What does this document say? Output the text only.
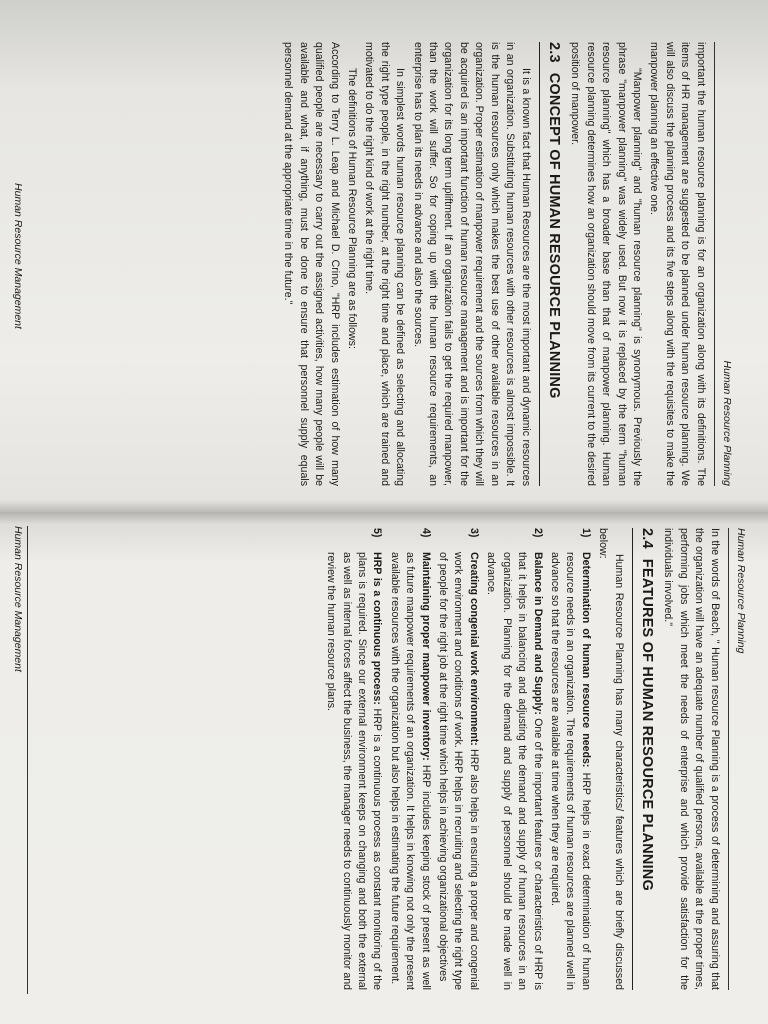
Human Resource Planning

important the human resource planning is for an organization along with its definitions. The items of HR management are suggested to be planned under human resource planning. We will also discuss the planning process and its five steps along with the requisites to make the manpower planning an effective one.

"Manpower planning" and "human resource planning" is synonymous. Previously the phrase "manpower planning" was widely used. But now it is replaced by the term "human resource planning" which has a broader base than that of manpower planning. Human resource planning determines how an organization should move from its current to the desired position of manpower.

2.3CONCEPT OF HUMAN RESOURCE PLANNING

It is a known fact that Human Resources are the most important and dynamic resources in an organization. Substituting human resources with other resources is almost impossible. It is the human resources only which makes the best use of other available resources in an organization. Proper estimation of manpower requirement and the sources from which they will be acquired is an important function of human resource management and is important for the organization for its long term upliftment. If an organization fails to get the required manpower, than the work will suffer. So for coping up with the human resource requirements, an enterprise has to plan its needs in advance and also the sources.

In simplest words human resource planning can be defined as selecting and allocating the right type people, in the right number, at the right time and place, which are trained and motivated to do the right kind of work at the right time.

The definitions of Human Resource Planning are as follows:

According to Terry L. Leap and Michael D. Crino, "HRP includes estimation of how many qualified people are necessary to carry out the assigned activities, how many people will be available and what, if anything, must be done to ensure that personnel supply equals personnel demand at the appropriate time in the future."

Human Resource Management
Human Resource Planning

In the words of Beach, " Human resource Planning is a process of determining and assuring that the organization will have an adequate number of qualified persons, available at the proper times, performing jobs which meet the needs of enterprise and which provide satisfaction for the individuals involved."

2.4FEATURES OF HUMAN RESOURCE PLANNING

Human Resource Planning has many characteristics/ features which are briefly discussed below:

1)
Determination of human resource needs: HRP helps in exact determination of human resource needs in an organization. The requirements of human resources are planned well in advance so that the resources are available at time when they are required.
2)
Balance in Demand and Supply: One of the important features or characteristics of HRP is that it helps in balancing and adjusting the demand and supply of human resources in an organization. Planning for the demand and supply of personnel should be made well in advance.
3)
Creating congenial work environment: HRP also helps in ensuring a proper and congenial work environment and conditions of work. HRP helps in recruiting and selecting the right type of people for the right job at the right time which helps in achieving organizational objectives
4)
Maintaining proper manpower inventory: HRP includes keeping stock of present as well as future manpower requirements of an organization. It helps in knowing not only the present available resources with the organization but also helps in estimating the future requirement.
5)
HRP is a continuous process: HRP is a continuous process as constant monitoring of the plans is required. Since our external environment keeps on changing and both the external as well as internal forces affect the business, the manager needs to continuously monitor and review the human resource plans.
Human Resource Management
